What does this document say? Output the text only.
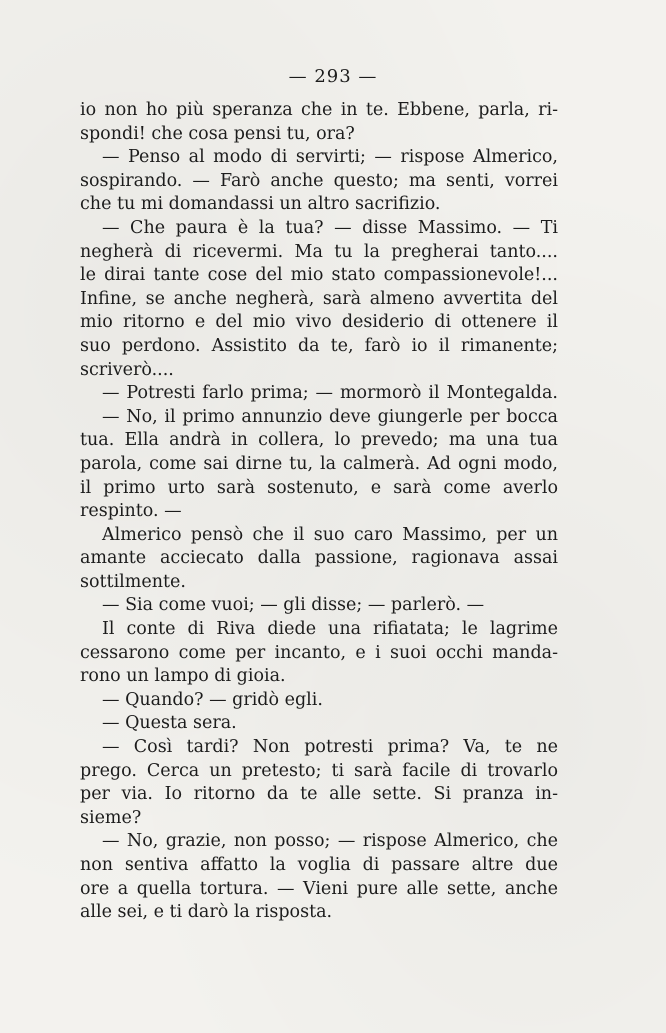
— 293 —
io non ho più speranza che in te. Ebbene, parla, ri-
spondi! che cosa pensi tu, ora?
— Penso al modo di servirti; — rispose Almerico,
sospirando. — Farò anche questo; ma senti, vorrei
che tu mi domandassi un altro sacrifizio.
— Che paura è la tua? — disse Massimo. — Ti
negherà di ricevermi. Ma tu la pregherai tanto....
le dirai tante cose del mio stato compassionevole!...
Infine, se anche negherà, sarà almeno avvertita del
mio ritorno e del mio vivo desiderio di ottenere il
suo perdono. Assistito da te, farò io il rimanente;
scriverò....
— Potresti farlo prima; — mormorò il Montegalda.
— No, il primo annunzio deve giungerle per bocca
tua. Ella andrà in collera, lo prevedo; ma una tua
parola, come sai dirne tu, la calmerà. Ad ogni modo,
il primo urto sarà sostenuto, e sarà come averlo
respinto. —
Almerico pensò che il suo caro Massimo, per un
amante acciecato dalla passione, ragionava assai
sottilmente.
— Sia come vuoi; — gli disse; — parlerò. —
Il conte di Riva diede una rifiatata; le lagrime
cessarono come per incanto, e i suoi occhi manda-
rono un lampo di gioia.
— Quando? — gridò egli.
— Questa sera.
— Così tardi? Non potresti prima? Va, te ne
prego. Cerca un pretesto; ti sarà facile di trovarlo
per via. Io ritorno da te alle sette. Si pranza in-
sieme?
— No, grazie, non posso; — rispose Almerico, che
non sentiva affatto la voglia di passare altre due
ore a quella tortura. — Vieni pure alle sette, anche
alle sei, e ti darò la risposta.
